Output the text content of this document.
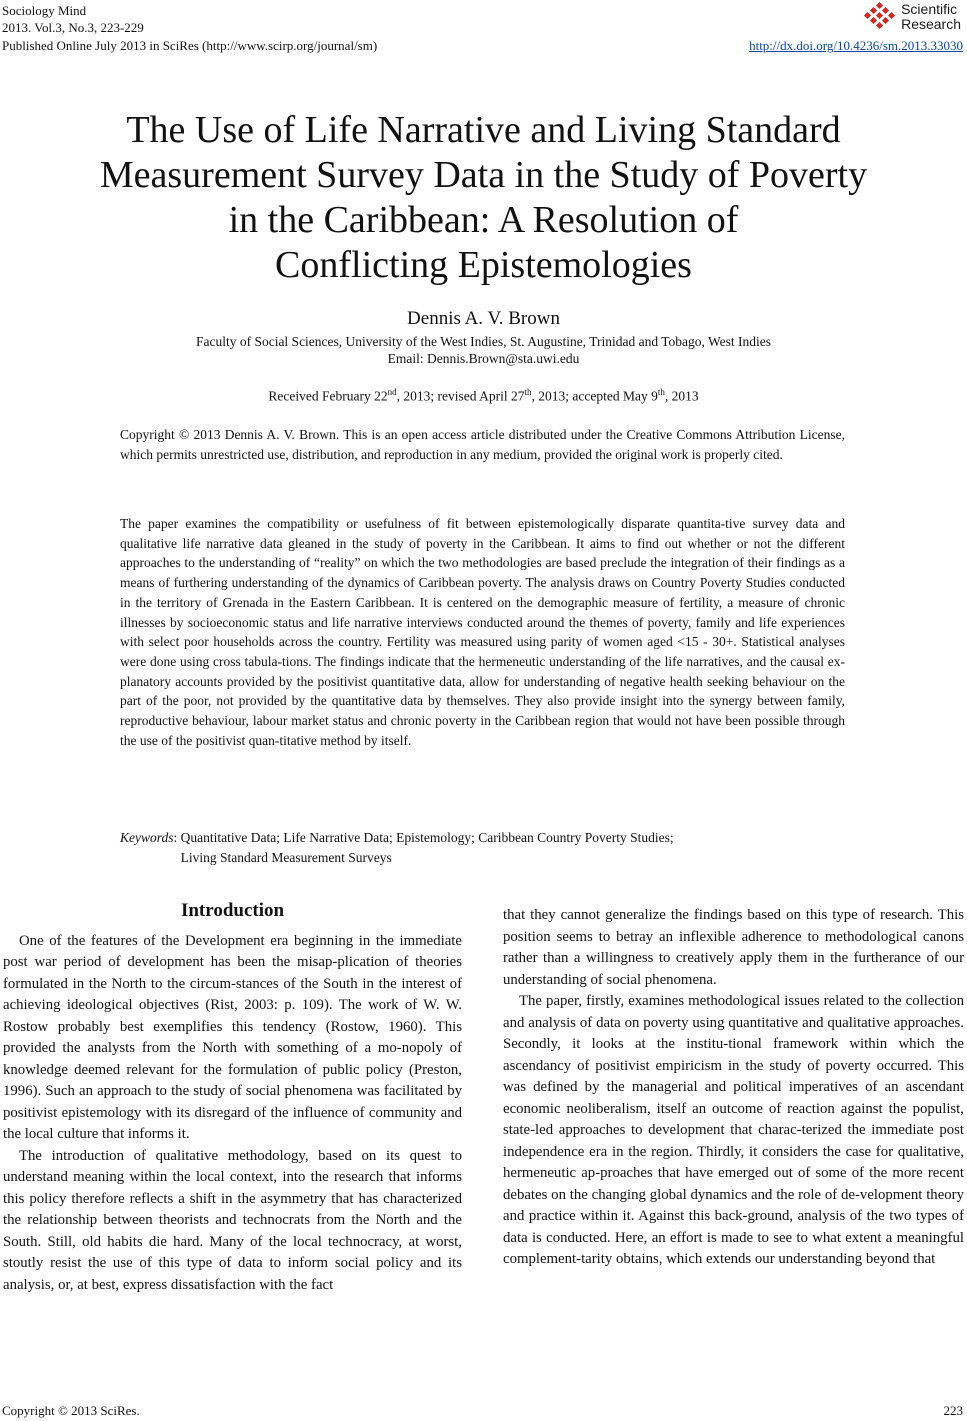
Sociology Mind
2013. Vol.3, No.3, 223-229
Published Online July 2013 in SciRes (http://www.scirp.org/journal/sm)
Scientific
Research
http://dx.doi.org/10.4236/sm.2013.33030
The Use of Life Narrative and Living Standard
Measurement Survey Data in the Study of Poverty
in the Caribbean: A Resolution of
Conflicting Epistemologies
Dennis A. V. Brown
Faculty of Social Sciences, University of the West Indies, St. Augustine, Trinidad and Tobago, West Indies
Email: Dennis.Brown@sta.uwi.edu
Received February 22nd, 2013; revised April 27th, 2013; accepted May 9th, 2013
Copyright © 2013 Dennis A. V. Brown. This is an open access article distributed under the Creative Commons Attribution License, which permits unrestricted use, distribution, and reproduction in any medium, provided the original work is properly cited.
The paper examines the compatibility or usefulness of fit between epistemologically disparate quantita-tive survey data and qualitative life narrative data gleaned in the study of poverty in the Caribbean. It aims to find out whether or not the different approaches to the understanding of “reality” on which the two methodologies are based preclude the integration of their findings as a means of furthering understanding of the dynamics of Caribbean poverty. The analysis draws on Country Poverty Studies conducted in the territory of Grenada in the Eastern Caribbean. It is centered on the demographic measure of fertility, a measure of chronic illnesses by socioeconomic status and life narrative interviews conducted around the themes of poverty, family and life experiences with select poor households across the country. Fertility was measured using parity of women aged <15 - 30+. Statistical analyses were done using cross tabula-tions. The findings indicate that the hermeneutic understanding of the life narratives, and the causal ex-planatory accounts provided by the positivist quantitative data, allow for understanding of negative health seeking behaviour on the part of the poor, not provided by the quantitative data by themselves. They also provide insight into the synergy between family, reproductive behaviour, labour market status and chronic poverty in the Caribbean region that would not have been possible through the use of the positivist quan-titative method by itself.
Keywords: Quantitative Data; Life Narrative Data; Epistemology; Caribbean Country Poverty Studies;
Living Standard Measurement Surveys
Introduction

One of the features of the Development era beginning in the immediate post war period of development has been the misap-plication of theories formulated in the North to the circum-stances of the South in the interest of achieving ideological objectives (Rist, 2003: p. 109). The work of W. W. Rostow probably best exemplifies this tendency (Rostow, 1960). This provided the analysts from the North with something of a mo-nopoly of knowledge deemed relevant for the formulation of public policy (Preston, 1996). Such an approach to the study of social phenomena was facilitated by positivist epistemology with its disregard of the influence of community and the local culture that informs it.

The introduction of qualitative methodology, based on its quest to understand meaning within the local context, into the research that informs this policy therefore reflects a shift in the asymmetry that has characterized the relationship between theorists and technocrats from the North and the South. Still, old habits die hard. Many of the local technocracy, at worst, stoutly resist the use of this type of data to inform social policy and its analysis, or, at best, express dissatisfaction with the fact

that they cannot generalize the findings based on this type of research. This position seems to betray an inflexible adherence to methodological canons rather than a willingness to creatively apply them in the furtherance of our understanding of social phenomena.

The paper, firstly, examines methodological issues related to the collection and analysis of data on poverty using quantitative and qualitative approaches. Secondly, it looks at the institu-tional framework within which the ascendancy of positivist empiricism in the study of poverty occurred. This was defined by the managerial and political imperatives of an ascendant economic neoliberalism, itself an outcome of reaction against the populist, state-led approaches to development that charac-terized the immediate post independence era in the region. Thirdly, it considers the case for qualitative, hermeneutic ap-proaches that have emerged out of some of the more recent debates on the changing global dynamics and the role of de-velopment theory and practice within it. Against this back-ground, analysis of the two types of data is conducted. Here, an effort is made to see to what extent a meaningful complement-tarity obtains, which extends our understanding beyond that

Copyright © 2013 SciRes.	223
